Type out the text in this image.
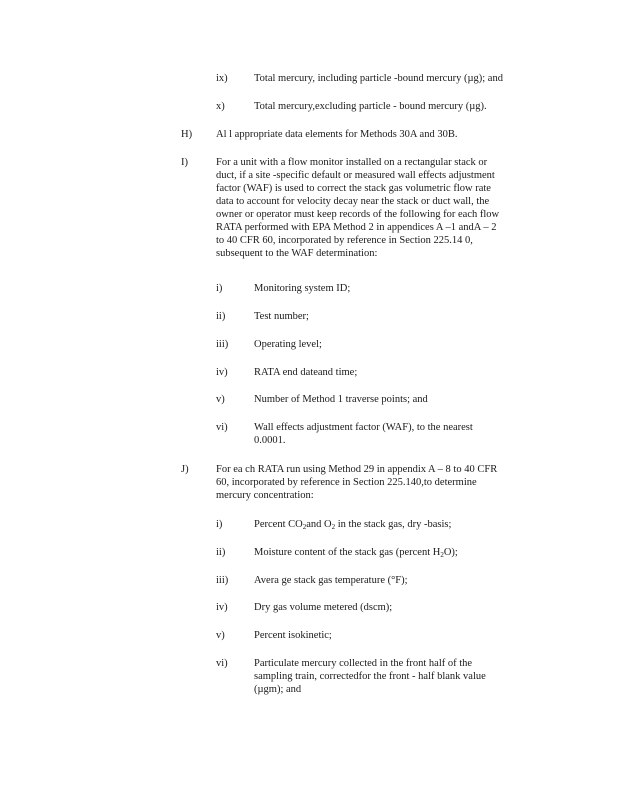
ix)	Total mercury, including particle -bound mercury (µg); and
x)	Total mercury,excluding particle - bound mercury (µg).
H) Al l appropriate data elements for Methods 30A and 30B.
I)	For a unit with a flow monitor installed on a rectangular stack or
duct, if a site -specific default or measured wall effects adjustment
factor (WAF) is used to correct the stack gas volumetric flow rate
data to account for velocity decay near the stack or duct wall, the
owner or operator must keep records of the following for each flow
RATA performed with EPA Method 2 in appendices A –1 andA – 2
to 40 CFR 60, incorporated by reference in Section 225.14 0,
subsequent to the WAF determination:
i)	Monitoring system ID;
ii)	Test number;
iii) Operating level;
iv)	RATA end dateand time;
v)	Number of Method 1 traverse points; and
vi)	Wall effects adjustment factor (WAF), to the nearest
0.0001.
J)	For ea ch RATA run using Method 29 in appendix A – 8 to 40 CFR
60, incorporated by reference in Section 225.140,to determine
mercury concentration:
i)	Percent $CO_2and$ $O_2$ in the stack gas, dry -basis;
ii)	Moisture content of the stack gas (percent $H_2O$);
iii) Avera ge stack gas temperature (°F);
iv)	Dry gas volume metered (dscm);
v)	Percent isokinetic;
vi)	Particulate mercury collected in the front half of the
sampling train, correctedfor the front - half blank value
(µgm); and
